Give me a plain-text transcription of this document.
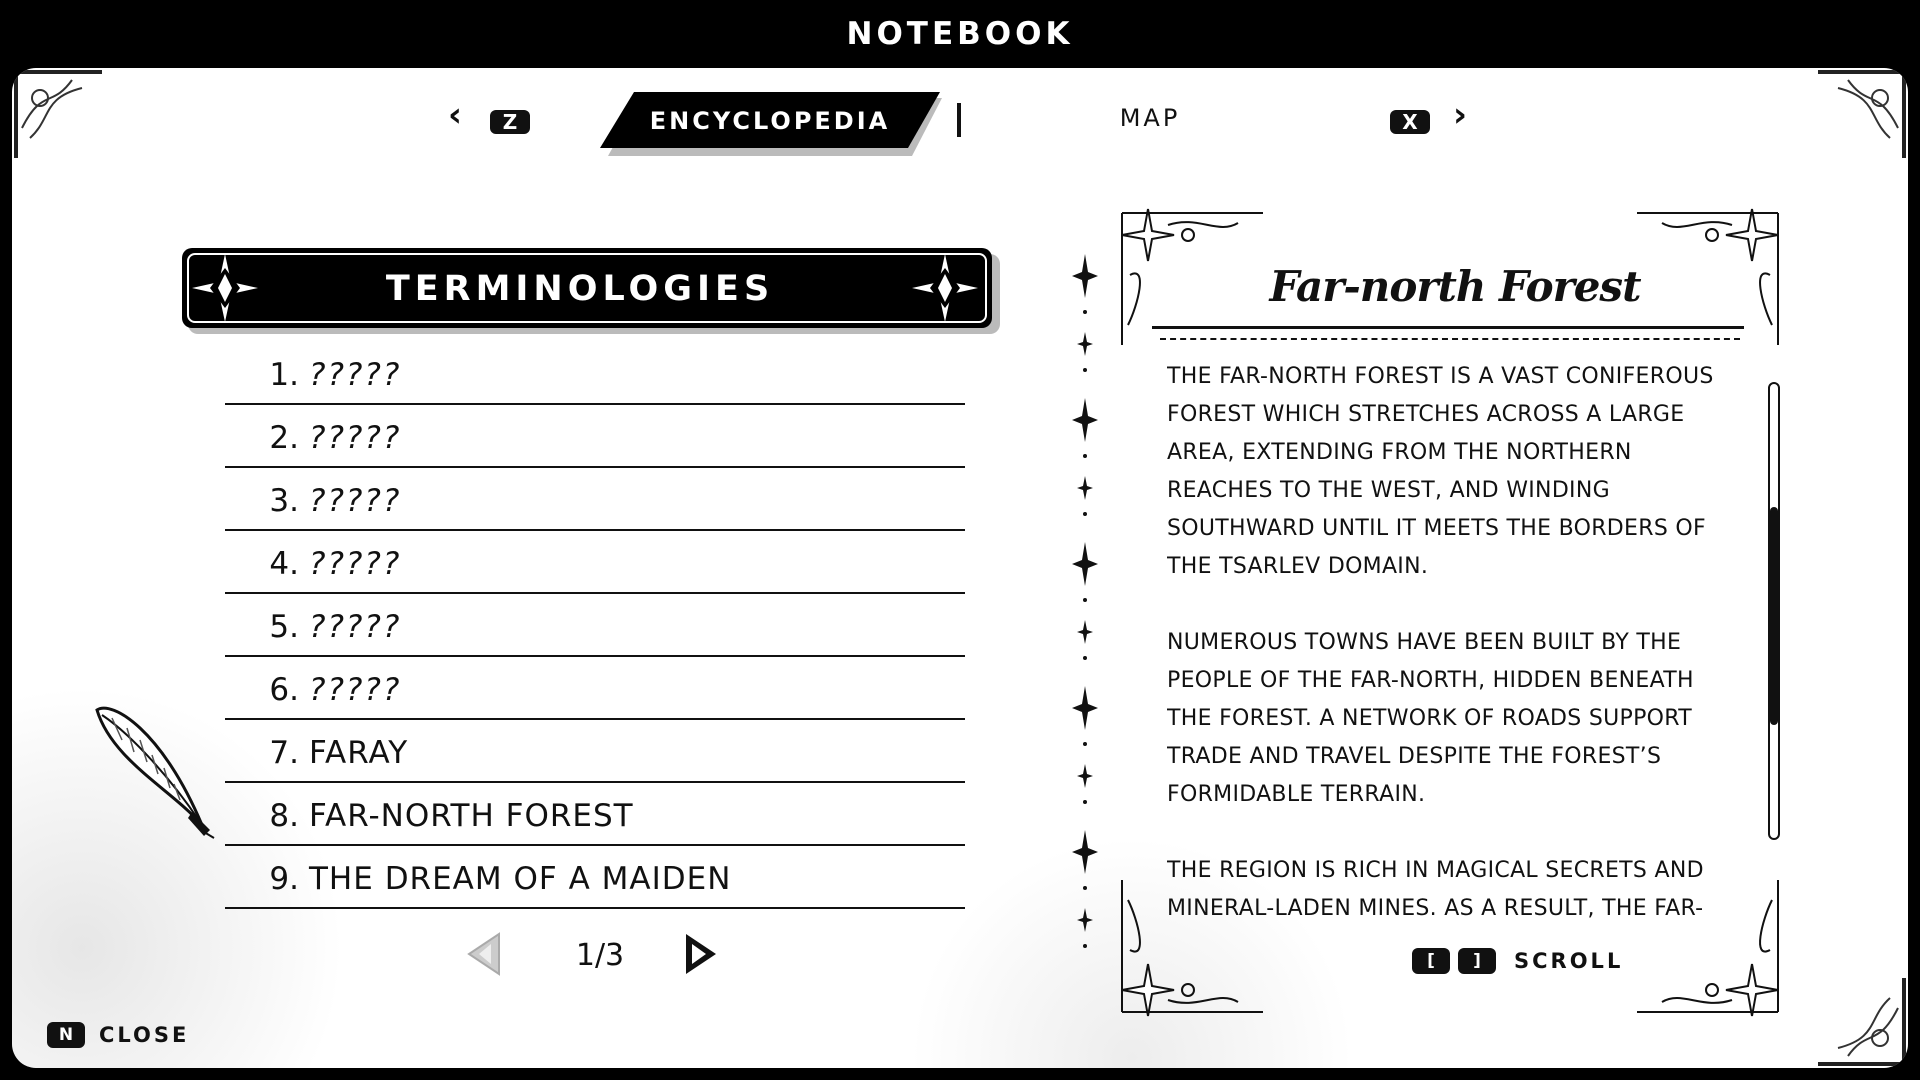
NOTEBOOK
‹	Z	ENCYCLOPEDIA	MAP	X	›
TERMINOLOGIES
1. ?????
2. ?????
3. ?????
4. ?????
5. ?????
6. ?????
7. FARAY
8. FAR-NORTH FOREST
9. THE DREAM OF A MAIDEN
1/3
N	CLOSE
Far-north Forest

THE FAR-NORTH FOREST IS A VAST CONIFEROUS FOREST WHICH STRETCHES ACROSS A LARGE AREA, EXTENDING FROM THE NORTHERN REACHES TO THE WEST, AND WINDING SOUTHWARD UNTIL IT MEETS THE BORDERS OF THE TSARLEV DOMAIN.

NUMEROUS TOWNS HAVE BEEN BUILT BY THE PEOPLE OF THE FAR-NORTH, HIDDEN BENEATH THE FOREST. A NETWORK OF ROADS SUPPORT TRADE AND TRAVEL DESPITE THE FOREST’S FORMIDABLE TERRAIN.

THE REGION IS RICH IN MAGICAL SECRETS AND MINERAL-LADEN MINES. AS A RESULT, THE FAR-

[	]	SCROLL
